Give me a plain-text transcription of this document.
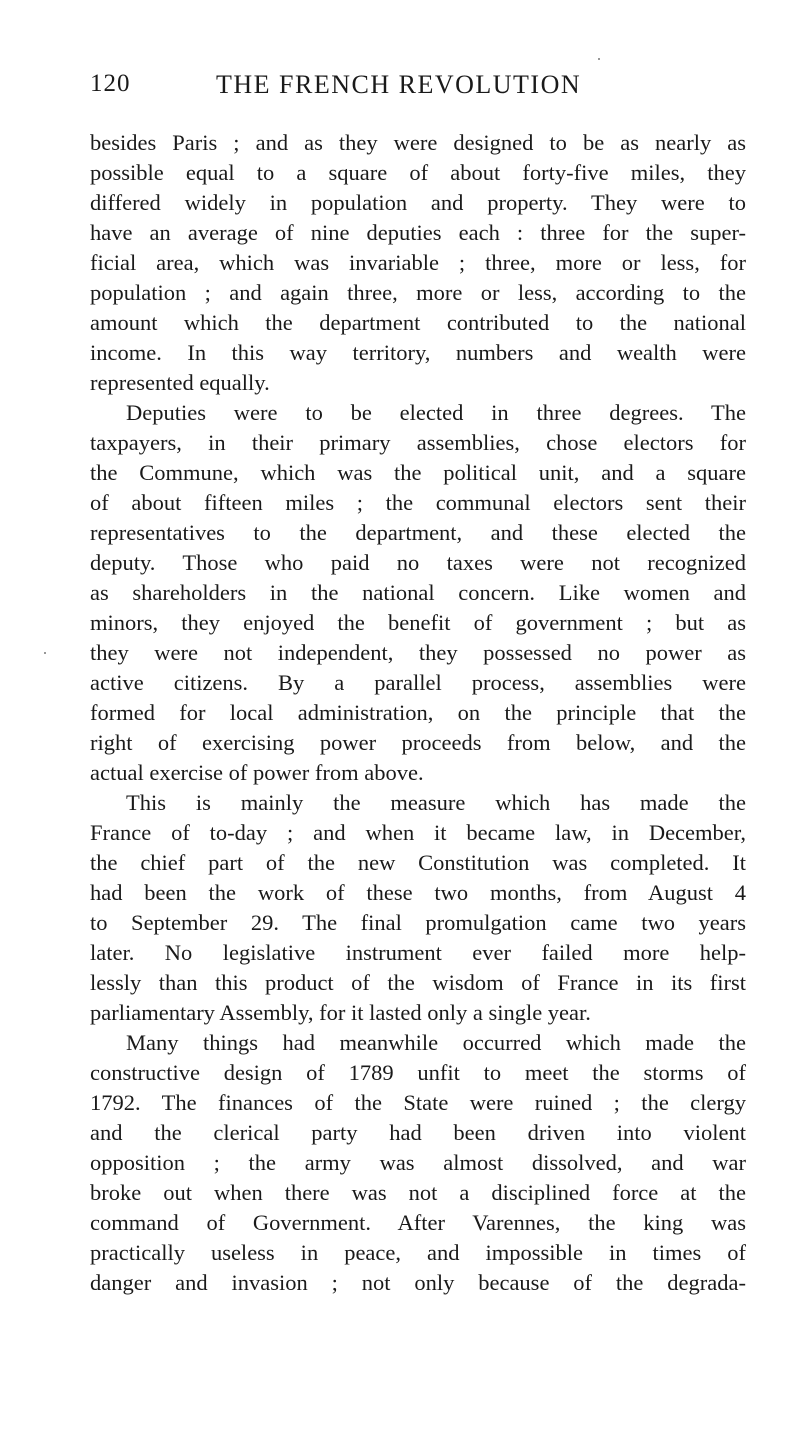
120	THE FRENCH REVOLUTION
besides Paris ; and as they were designed to be as nearly as
possible equal to a square of about forty-five miles, they
differed widely in population and property. They were to
have an average of nine deputies each : three for the super-
ficial area, which was invariable ; three, more or less, for
population ; and again three, more or less, according to the
amount which the department contributed to the national
income. In this way territory, numbers and wealth were
represented equally.
Deputies were to be elected in three degrees. The
taxpayers, in their primary assemblies, chose electors for
the Commune, which was the political unit, and a square
of about fifteen miles ; the communal electors sent their
representatives to the department, and these elected the
deputy. Those who paid no taxes were not recognized
as shareholders in the national concern. Like women and
minors, they enjoyed the benefit of government ; but as
they were not independent, they possessed no power as
active citizens. By a parallel process, assemblies were
formed for local administration, on the principle that the
right of exercising power proceeds from below, and the
actual exercise of power from above.
This is mainly the measure which has made the
France of to-day ; and when it became law, in December,
the chief part of the new Constitution was completed. It
had been the work of these two months, from August 4
to September 29. The final promulgation came two years
later. No legislative instrument ever failed more help-
lessly than this product of the wisdom of France in its first
parliamentary Assembly, for it lasted only a single year.
Many things had meanwhile occurred which made the
constructive design of 1789 unfit to meet the storms of
1792. The finances of the State were ruined ; the clergy
and the clerical party had been driven into violent
opposition ; the army was almost dissolved, and war
broke out when there was not a disciplined force at the
command of Government. After Varennes, the king was
practically useless in peace, and impossible in times of
danger and invasion ; not only because of the degrada-
